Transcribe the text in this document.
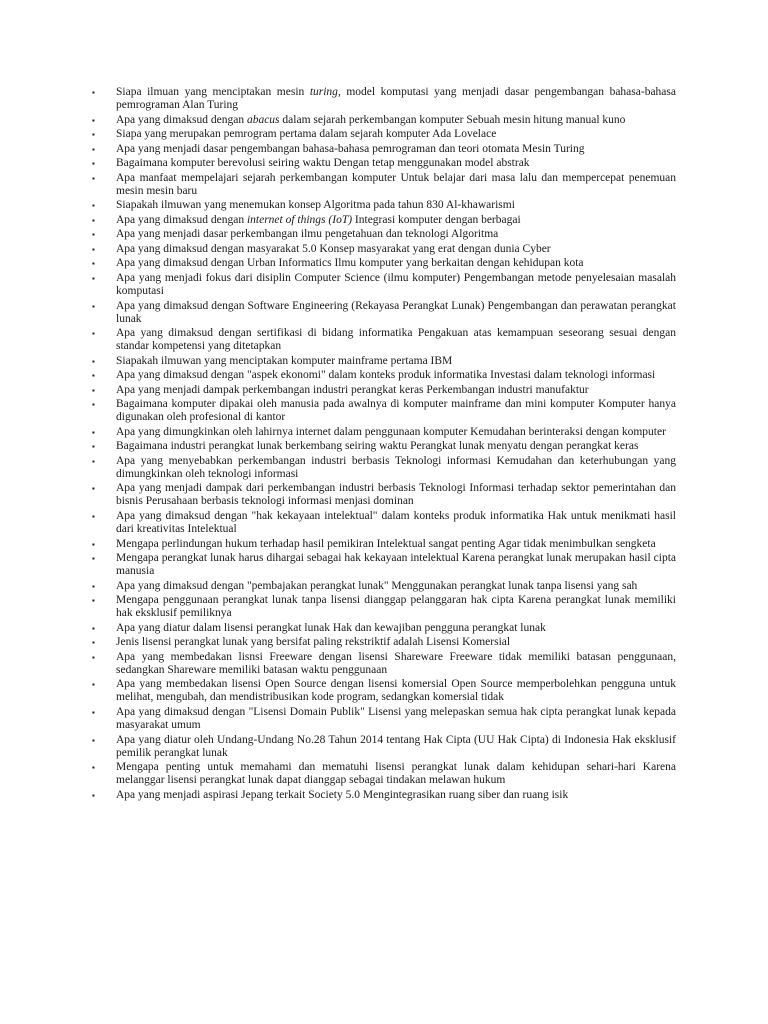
▪ Siapa ilmuan yang menciptakan mesin turing, model komputasi yang menjadi dasar pengembangan bahasa-bahasa pemrograman Alan Turing
▪ Apa yang dimaksud dengan abacus dalam sejarah perkembangan komputer Sebuah mesin hitung manual kuno
▪ Siapa yang merupakan pemrogram pertama dalam sejarah komputer Ada Lovelace
▪ Apa yang menjadi dasar pengembangan bahasa-bahasa pemrograman dan teori otomata Mesin Turing
▪ Bagaimana komputer berevolusi seiring waktu Dengan tetap menggunakan model abstrak
▪ Apa manfaat mempelajari sejarah perkembangan komputer Untuk belajar dari masa lalu dan mempercepat penemuan mesin mesin baru
▪ Siapakah ilmuwan yang menemukan konsep Algoritma pada tahun 830 Al-khawarismi
▪ Apa yang dimaksud dengan internet of things (IoT) Integrasi komputer dengan berbagai
▪ Apa yang menjadi dasar perkembangan ilmu pengetahuan dan teknologi Algoritma
▪ Apa yang dimaksud dengan masyarakat 5.0 Konsep masyarakat yang erat dengan dunia Cyber
▪ Apa yang dimaksud dengan Urban Informatics Ilmu komputer yang berkaitan dengan kehidupan kota
▪ Apa yang menjadi fokus dari disiplin Computer Science (ilmu komputer) Pengembangan metode penyelesaian masalah komputasi
▪ Apa yang dimaksud dengan Software Engineering (Rekayasa Perangkat Lunak) Pengembangan dan perawatan perangkat lunak
▪ Apa yang dimaksud dengan sertifikasi di bidang informatika Pengakuan atas kemampuan seseorang sesuai dengan standar kompetensi yang ditetapkan
▪ Siapakah ilmuwan yang menciptakan komputer mainframe pertama IBM
▪ Apa yang dimaksud dengan "aspek ekonomi" dalam konteks produk informatika Investasi dalam teknologi informasi
▪ Apa yang menjadi dampak perkembangan industri perangkat keras Perkembangan industri manufaktur
▪ Bagaimana komputer dipakai oleh manusia pada awalnya di komputer mainframe dan mini komputer Komputer hanya digunakan oleh profesional di kantor
▪ Apa yang dimungkinkan oleh lahirnya internet dalam penggunaan komputer Kemudahan berinteraksi dengan komputer
▪ Bagaimana industri perangkat lunak berkembang seiring waktu Perangkat lunak menyatu dengan perangkat keras
▪ Apa yang menyebabkan perkembangan industri berbasis Teknologi informasi Kemudahan dan keterhubungan yang dimungkinkan oleh teknologi informasi
▪ Apa yang menjadi dampak dari perkembangan industri berbasis Teknologi Informasi terhadap sektor pemerintahan dan bisnis Perusahaan berbasis teknologi informasi menjasi dominan
▪ Apa yang dimaksud dengan "hak kekayaan intelektual" dalam konteks produk informatika Hak untuk menikmati hasil dari kreativitas Intelektual
▪ Mengapa perlindungan hukum terhadap hasil pemikiran Intelektual sangat penting Agar tidak menimbulkan sengketa
▪ Mengapa perangkat lunak harus dihargai sebagai hak kekayaan intelektual Karena perangkat lunak merupakan hasil cipta manusia
▪ Apa yang dimaksud dengan "pembajakan perangkat lunak" Menggunakan perangkat lunak tanpa lisensi yang sah
▪ Mengapa penggunaan perangkat lunak tanpa lisensi dianggap pelanggaran hak cipta Karena perangkat lunak memiliki hak eksklusif pemiliknya
▪ Apa yang diatur dalam lisensi perangkat lunak Hak dan kewajiban pengguna perangkat lunak
▪ Jenis lisensi perangkat lunak yang bersifat paling rekstriktif adalah Lisensi Komersial
▪ Apa yang membedakan lisnsi Freeware dengan lisensi Shareware Freeware tidak memiliki batasan penggunaan, sedangkan Shareware memiliki batasan waktu penggunaan
▪ Apa yang membedakan lisensi Open Source dengan lisensi komersial Open Source memperbolehkan pengguna untuk melihat, mengubah, dan mendistribusikan kode program, sedangkan komersial tidak
▪ Apa yang dimaksud dengan "Lisensi Domain Publik" Lisensi yang melepaskan semua hak cipta perangkat lunak kepada masyarakat umum
▪ Apa yang diatur oleh Undang-Undang No.28 Tahun 2014 tentang Hak Cipta (UU Hak Cipta) di Indonesia Hak eksklusif pemilik perangkat lunak
▪ Mengapa penting untuk memahami dan mematuhi lisensi perangkat lunak dalam kehidupan sehari-hari Karena melanggar lisensi perangkat lunak dapat dianggap sebagai tindakan melawan hukum
▪ Apa yang menjadi aspirasi Jepang terkait Society 5.0 Mengintegrasikan ruang siber dan ruang isik
